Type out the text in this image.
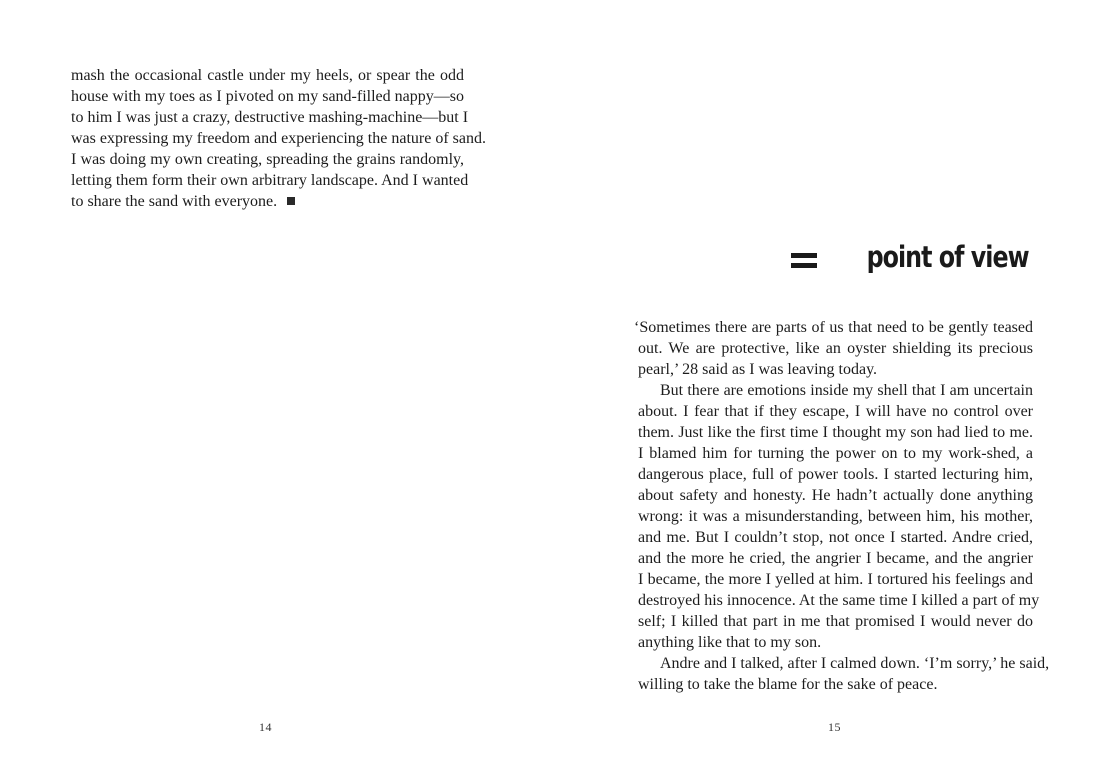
mash the occasional castle under my heels, or spear the odd
house with my toes as I pivoted on my sand-filled nappy—so
to him I was just a crazy, destructive mashing-machine—but I
was expressing my freedom and experiencing the nature of sand.
I was doing my own creating, spreading the grains randomly,
letting them form their own arbitrary landscape. And I wanted
to share the sand with everyone.
14
point of view
‘Sometimes there are parts of us that need to be gently teased
out. We are protective, like an oyster shielding its precious
pearl,’ 28 said as I was leaving today.
But there are emotions inside my shell that I am uncertain
about. I fear that if they escape, I will have no control over
them. Just like the first time I thought my son had lied to me.
I blamed him for turning the power on to my work-shed, a
dangerous place, full of power tools. I started lecturing him,
about safety and honesty. He hadn’t actually done anything
wrong: it was a misunderstanding, between him, his mother,
and me. But I couldn’t stop, not once I started. Andre cried,
and the more he cried, the angrier I became, and the angrier
I became, the more I yelled at him. I tortured his feelings and
destroyed his innocence. At the same time I killed a part of my
self; I killed that part in me that promised I would never do
anything like that to my son.
Andre and I talked, after I calmed down. ‘I’m sorry,’ he said,
willing to take the blame for the sake of peace.
15
